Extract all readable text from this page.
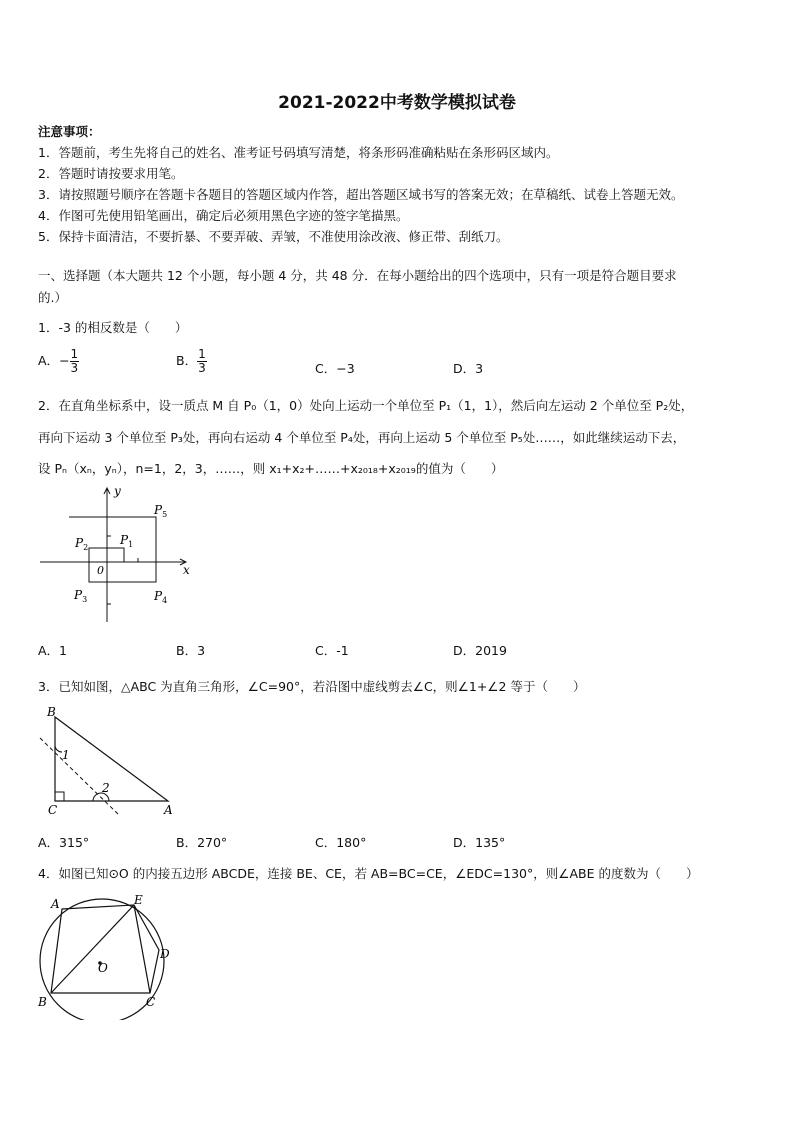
2021-2022中考数学模拟试卷
注意事项：
1．答题前，考生先将自己的姓名、准考证号码填写清楚，将条形码准确粘贴在条形码区域内。
2．答题时请按要求用笔。
3．请按照题号顺序在答题卡各题目的答题区域内作答，超出答题区域书写的答案无效；在草稿纸、试卷上答题无效。
4．作图可先使用铅笔画出，确定后必须用黑色字迹的签字笔描黑。
5．保持卡面清洁，不要折暴、不要弄破、弄皱，不准使用涂改液、修正带、刮纸刀。
一、选择题（本大题共 12 个小题，每小题 4 分，共 48 分．在每小题给出的四个选项中，只有一项是符合题目要求
的.）
1．-3 的相反数是（　　）
A．− $\frac{1}{3}$	B． $\frac{1}{3}$	C．−3	D．3
2．在直角坐标系中，设一质点 M 自 P₀（1，0）处向上运动一个单位至 P₁（1，1），然后向左运动 2 个单位至 P₂处，
再向下运动 3 个单位至 P₃处，再向右运动 4 个单位至 P₄处，再向上运动 5 个单位至 P₅处……，如此继续运动下去，
设 Pₙ（xₙ，yₙ），n=1，2，3，……，则 x₁+x₂+……+x₂₀₁₈+x₂₀₁₉的值为（　　）
y
x
0
$P_1$
$P_2$
$P_3$	$P_4$
$P_5$
A．1	B．3	C．-1	D．2019
3．已知如图，△ABC 为直角三角形，∠C=90°，若沿图中虚线剪去∠C，则∠1+∠2 等于（　　）
B
C	A
1
2
A．315°	B．270°	C．180°	D．135°
4．如图已知⊙O 的内接五边形 ABCDE，连接 BE、CE，若 AB=BC=CE，∠EDC=130°，则∠ABE 的度数为（　　）
A
B	C
D
E
O
